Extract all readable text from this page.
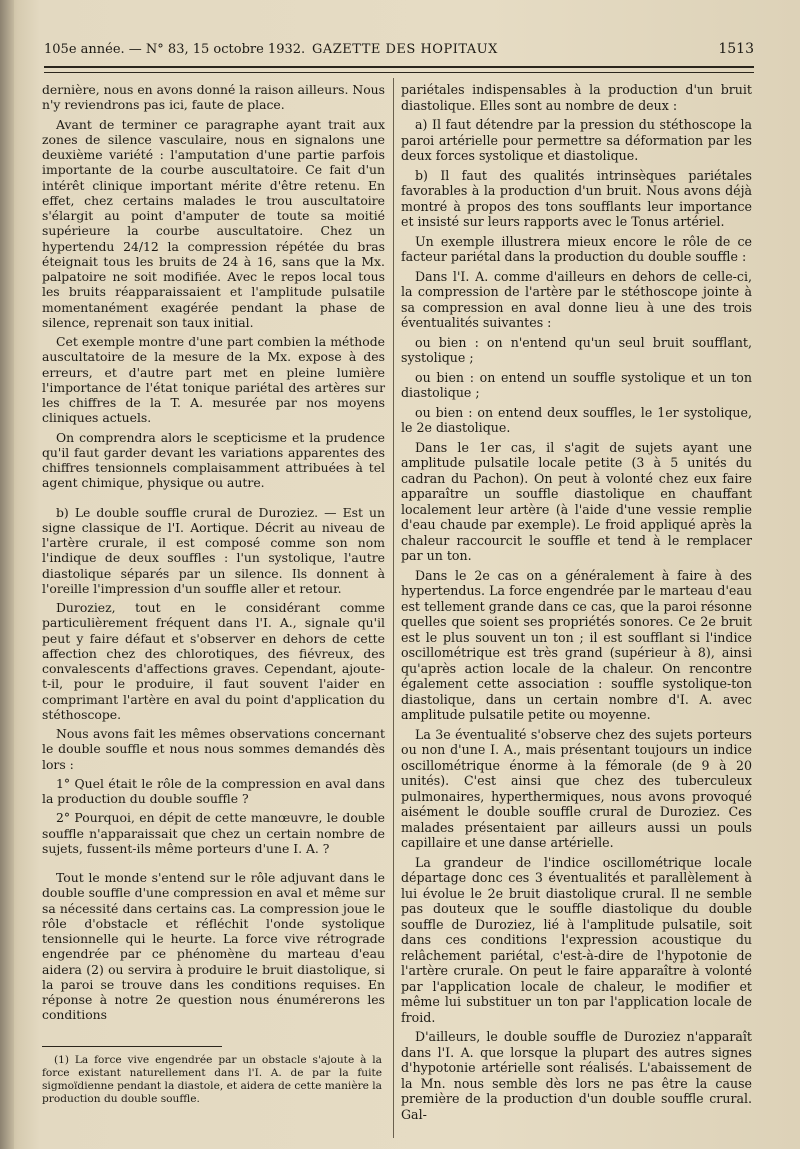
105e année. — N° 83, 15 octobre 1932. GAZETTE DES HOPITAUX	1513

dernière, nous en avons donné la raison ailleurs. Nous n'y reviendrons pas ici, faute de place.

Avant de terminer ce paragraphe ayant trait aux zones de silence vasculaire, nous en signalons une deuxième variété : l'amputation d'une partie parfois importante de la courbe auscultatoire. Ce fait d'un intérêt clinique important mérite d'être retenu. En effet, chez certains malades le trou auscultatoire s'élargit au point d'amputer de toute sa moitié supérieure la courbe auscultatoire. Chez un hypertendu 24/12 la compression répétée du bras éteignait tous les bruits de 24 à 16, sans que la Mx. palpatoire ne soit modifiée. Avec le repos local tous les bruits réapparaissaient et l'amplitude pulsatile momentanément exagérée pendant la phase de silence, reprenait son taux initial.

Cet exemple montre d'une part combien la méthode auscultatoire de la mesure de la Mx. expose à des erreurs, et d'autre part met en pleine lumière l'importance de l'état tonique pariétal des artères sur les chiffres de la T. A. mesurée par nos moyens cliniques actuels.

On comprendra alors le scepticisme et la prudence qu'il faut garder devant les variations apparentes des chiffres tensionnels complaisamment attribuées à tel agent chimique, physique ou autre.

b) Le double souffle crural de Duroziez. — Est un signe classique de l'I. Aortique. Décrit au niveau de l'artère crurale, il est composé comme son nom l'indique de deux souffles : l'un systolique, l'autre diastolique séparés par un silence. Ils donnent à l'oreille l'impression d'un souffle aller et retour.

Duroziez, tout en le considérant comme particulièrement fréquent dans l'I. A., signale qu'il peut y faire défaut et s'observer en dehors de cette affection chez des chlorotiques, des fiévreux, des convalescents d'affections graves. Cependant, ajoute-t-il, pour le produire, il faut souvent l'aider en comprimant l'artère en aval du point d'application du stéthoscope.

Nous avons fait les mêmes observations concernant le double souffle et nous nous sommes demandés dès lors :

1° Quel était le rôle de la compression en aval dans la production du double souffle ?

2° Pourquoi, en dépit de cette manœuvre, le double souffle n'apparaissait que chez un certain nombre de sujets, fussent-ils même porteurs d'une I. A. ?

Tout le monde s'entend sur le rôle adjuvant dans le double souffle d'une compression en aval et même sur sa nécessité dans certains cas. La compression joue le rôle d'obstacle et réfléchit l'onde systolique tensionnelle qui le heurte. La force vive rétrograde engendrée par ce phénomène du marteau d'eau aidera (2) ou servira à produire le bruit diastolique, si la paroi se trouve dans les conditions requises. En réponse à notre 2e question nous énumérerons les conditions

pariétales indispensables à la production d'un bruit diastolique. Elles sont au nombre de deux :

a) Il faut détendre par la pression du stéthoscope la paroi artérielle pour permettre sa déformation par les deux forces systolique et diastolique.

b) Il faut des qualités intrinsèques pariétales favorables à la production d'un bruit. Nous avons déjà montré à propos des tons soufflants leur importance et insisté sur leurs rapports avec le Tonus artériel.

Un exemple illustrera mieux encore le rôle de ce facteur pariétal dans la production du double souffle :

Dans l'I. A. comme d'ailleurs en dehors de celle-ci, la compression de l'artère par le stéthoscope jointe à sa compression en aval donne lieu à une des trois éventualités suivantes :

ou bien : on n'entend qu'un seul bruit soufflant, systolique ;

ou bien : on entend un souffle systolique et un ton diastolique ;

ou bien : on entend deux souffles, le 1er systolique, le 2e diastolique.

Dans le 1er cas, il s'agit de sujets ayant une amplitude pulsatile locale petite (3 à 5 unités du cadran du Pachon). On peut à volonté chez eux faire apparaître un souffle diastolique en chauffant localement leur artère (à l'aide d'une vessie remplie d'eau chaude par exemple). Le froid appliqué après la chaleur raccourcit le souffle et tend à le remplacer par un ton.

Dans le 2e cas on a généralement à faire à des hypertendus. La force engendrée par le marteau d'eau est tellement grande dans ce cas, que la paroi résonne quelles que soient ses propriétés sonores. Ce 2e bruit est le plus souvent un ton ; il est soufflant si l'indice oscillométrique est très grand (supérieur à 8), ainsi qu'après action locale de la chaleur. On rencontre également cette association : souffle systolique-ton diastolique, dans un certain nombre d'I. A. avec amplitude pulsatile petite ou moyenne.

La 3e éventualité s'observe chez des sujets porteurs ou non d'une I. A., mais présentant toujours un indice oscillométrique énorme à la fémorale (de 9 à 20 unités). C'est ainsi que chez des tuberculeux pulmonaires, hyperthermiques, nous avons provoqué aisément le double souffle crural de Duroziez. Ces malades présentaient par ailleurs aussi un pouls capillaire et une danse artérielle.

La grandeur de l'indice oscillométrique locale départage donc ces 3 éventualités et parallèlement à lui évolue le 2e bruit diastolique crural. Il ne semble pas douteux que le souffle diastolique du double souffle de Duroziez, lié à l'amplitude pulsatile, soit dans ces conditions l'expression acoustique du relâchement pariétal, c'est-à-dire de l'hypotonie de l'artère crurale. On peut le faire apparaître à volonté par l'application locale de chaleur, le modifier et même lui substituer un ton par l'application locale de froid.

D'ailleurs, le double souffle de Duroziez n'apparaît dans l'I. A. que lorsque la plupart des autres signes d'hypotonie artérielle sont réalisés. L'abaissement de la Mn. nous semble dès lors ne pas être la cause première de la production d'un double souffle crural. Gal-

(1) La force vive engendrée par un obstacle s'ajoute à la force existant naturellement dans l'I. A. de par la fuite sigmoïdienne pendant la diastole, et aidera de cette manière la production du double souffle.
